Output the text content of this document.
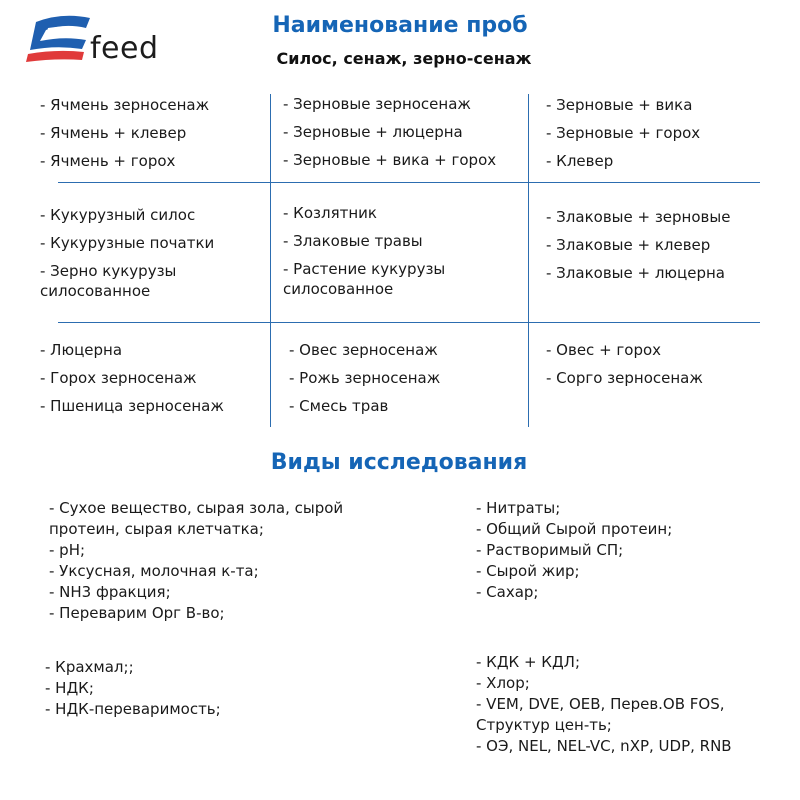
feed
Наименование проб
Силос, сенаж, зерно-сенаж
- Ячмень зерносенаж
- Ячмень + клевер
- Ячмень + горох
- Зерновые зерносенаж
- Зерновые + люцерна
- Зерновые + вика + горох
- Зерновые + вика
- Зерновые + горох
- Клевер
- Кукурузный силос
- Кукурузные початки
- Зерно кукурузы силосованное
- Козлятник
- Злаковые травы
- Растение кукурузы силосованное
- Злаковые + зерновые
- Злаковые + клевер
- Злаковые + люцерна
- Люцерна
- Горох зерносенаж
- Пшеница зерносенаж
- Овес зерносенаж
- Рожь зерносенаж
- Смесь трав
- Овес + горох
- Сорго зерносенаж
Виды исследования
- Сухое вещество, сырая зола, сырой
протеин, сырая клетчатка;
- pH;
- Уксусная, молочная к-та;
- NH3 фракция;
- Переварим Орг В-во;
- Нитраты;
- Общий Сырой протеин;
- Растворимый СП;
- Сырой жир;
- Сахар;
- Крахмал;;
- НДК;
- НДК-переваримость;
- КДК + КДЛ;
- Хлор;
- VEM, DVE, OEB, Перев.OB FOS,
Структур цен-ть;
- ОЭ, NEL, NEL-VC, nXP, UDP, RNB
